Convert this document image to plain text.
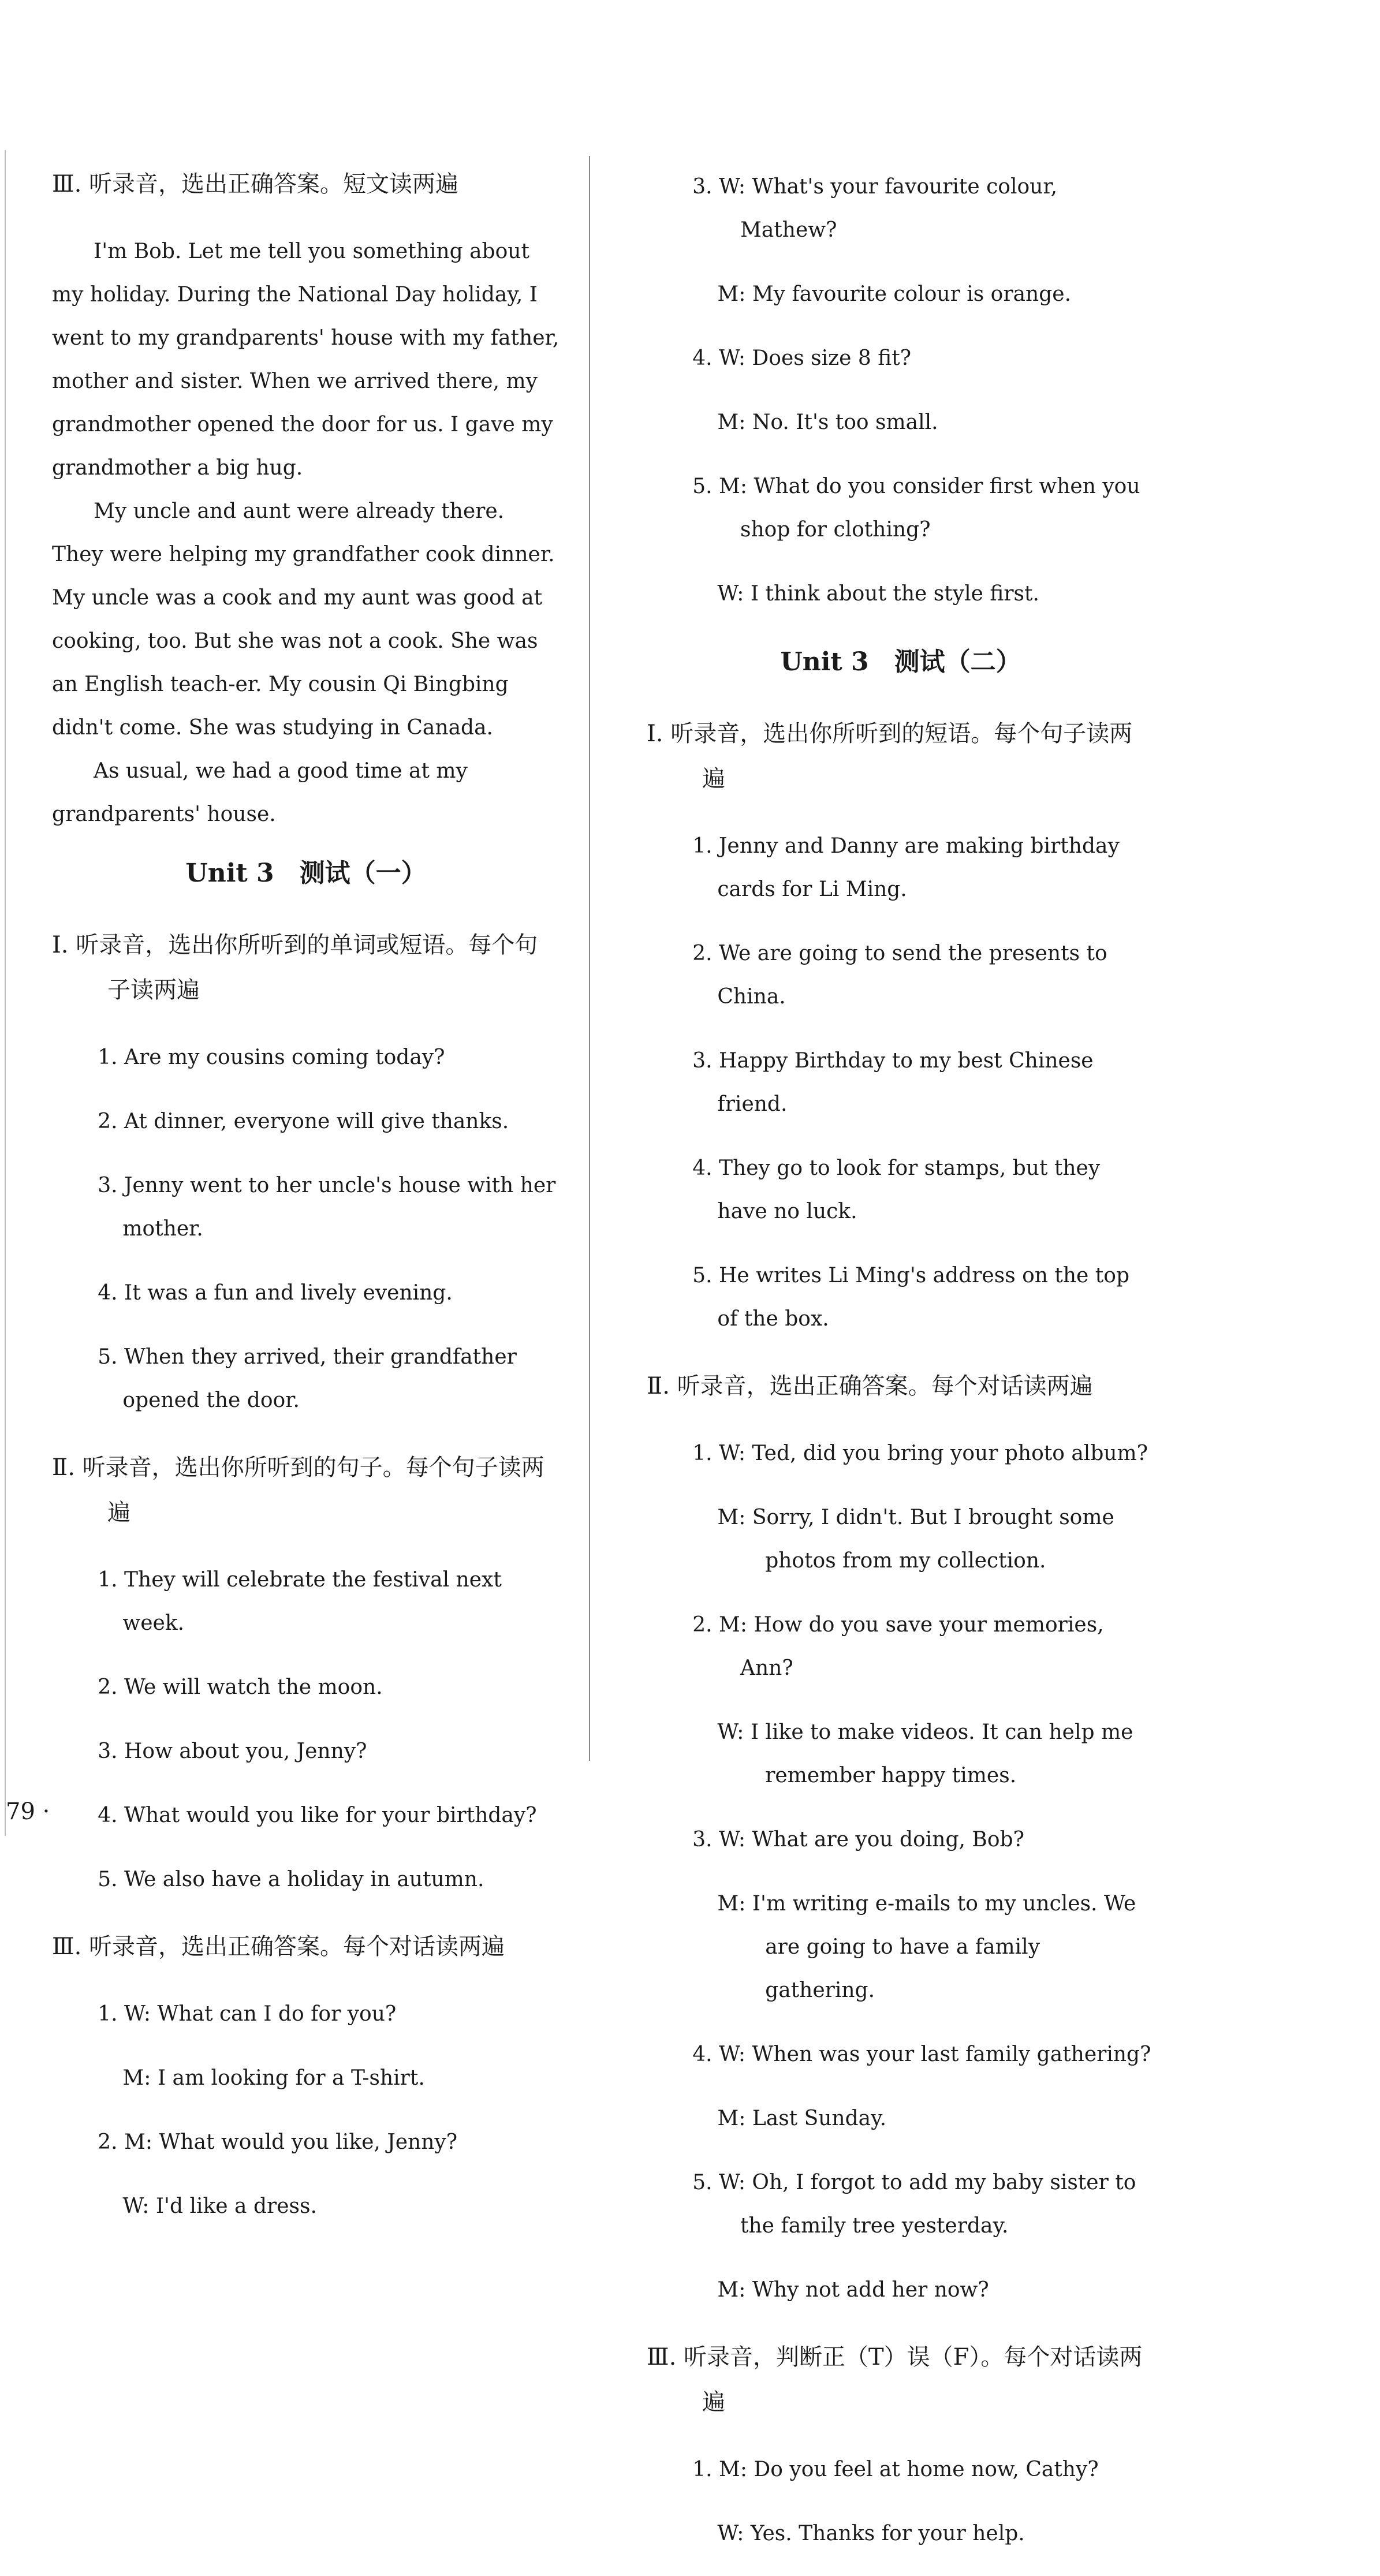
Ⅲ. 听录音，选出正确答案。短文读两遍

I'm Bob. Let me tell you something about my holiday. During the National Day holiday, I went to my grandparents' house with my father, mother and sister. When we arrived there, my grandmother opened the door for us. I gave my grandmother a big hug.

My uncle and aunt were already there. They were helping my grandfather cook dinner. My uncle was a cook and my aunt was good at cooking, too. But she was not a cook. She was an English teach-er. My cousin Qi Bingbing didn't come. She was studying in Canada.

As usual, we had a good time at my grandparents' house.

Unit 3　测试（一）

Ⅰ. 听录音，选出你所听到的单词或短语。每个句子读两遍

1. Are my cousins coming today?

2. At dinner, everyone will give thanks.

3. Jenny went to her uncle's house with her mother.

4. It was a fun and lively evening.

5. When they arrived, their grandfather opened the door.

Ⅱ. 听录音，选出你所听到的句子。每个句子读两遍

1. They will celebrate the festival next week.

2. We will watch the moon.

3. How about you, Jenny?

4. What would you like for your birthday?

5. We also have a holiday in autumn.

Ⅲ. 听录音，选出正确答案。每个对话读两遍

1. W: What can I do for you?

M: I am looking for a T-shirt.

2. M: What would you like, Jenny?

W: I'd like a dress.

3. W: What's your favourite colour, Mathew?

M: My favourite colour is orange.

4. W: Does size 8 fit?

M: No. It's too small.

5. M: What do you consider first when you shop for clothing?

W: I think about the style first.

Unit 3　测试（二）

Ⅰ. 听录音，选出你所听到的短语。每个句子读两遍

1. Jenny and Danny are making birthday cards for Li Ming.

2. We are going to send the presents to China.

3. Happy Birthday to my best Chinese friend.

4. They go to look for stamps, but they have no luck.

5. He writes Li Ming's address on the top of the box.

Ⅱ. 听录音，选出正确答案。每个对话读两遍

1. W: Ted, did you bring your photo album?

M: Sorry, I didn't. But I brought some photos from my collection.

2. M: How do you save your memories, Ann?

W: I like to make videos. It can help me remember happy times.

3. W: What are you doing, Bob?

M: I'm writing e-mails to my uncles. We are going to have a family gathering.

4. W: When was your last family gathering?

M: Last Sunday.

5. W: Oh, I forgot to add my baby sister to the family tree yesterday.

M: Why not add her now?

Ⅲ. 听录音，判断正（T）误（F）。每个对话读两遍

1. M: Do you feel at home now, Cathy?

W: Yes. Thanks for your help.

79 ·
